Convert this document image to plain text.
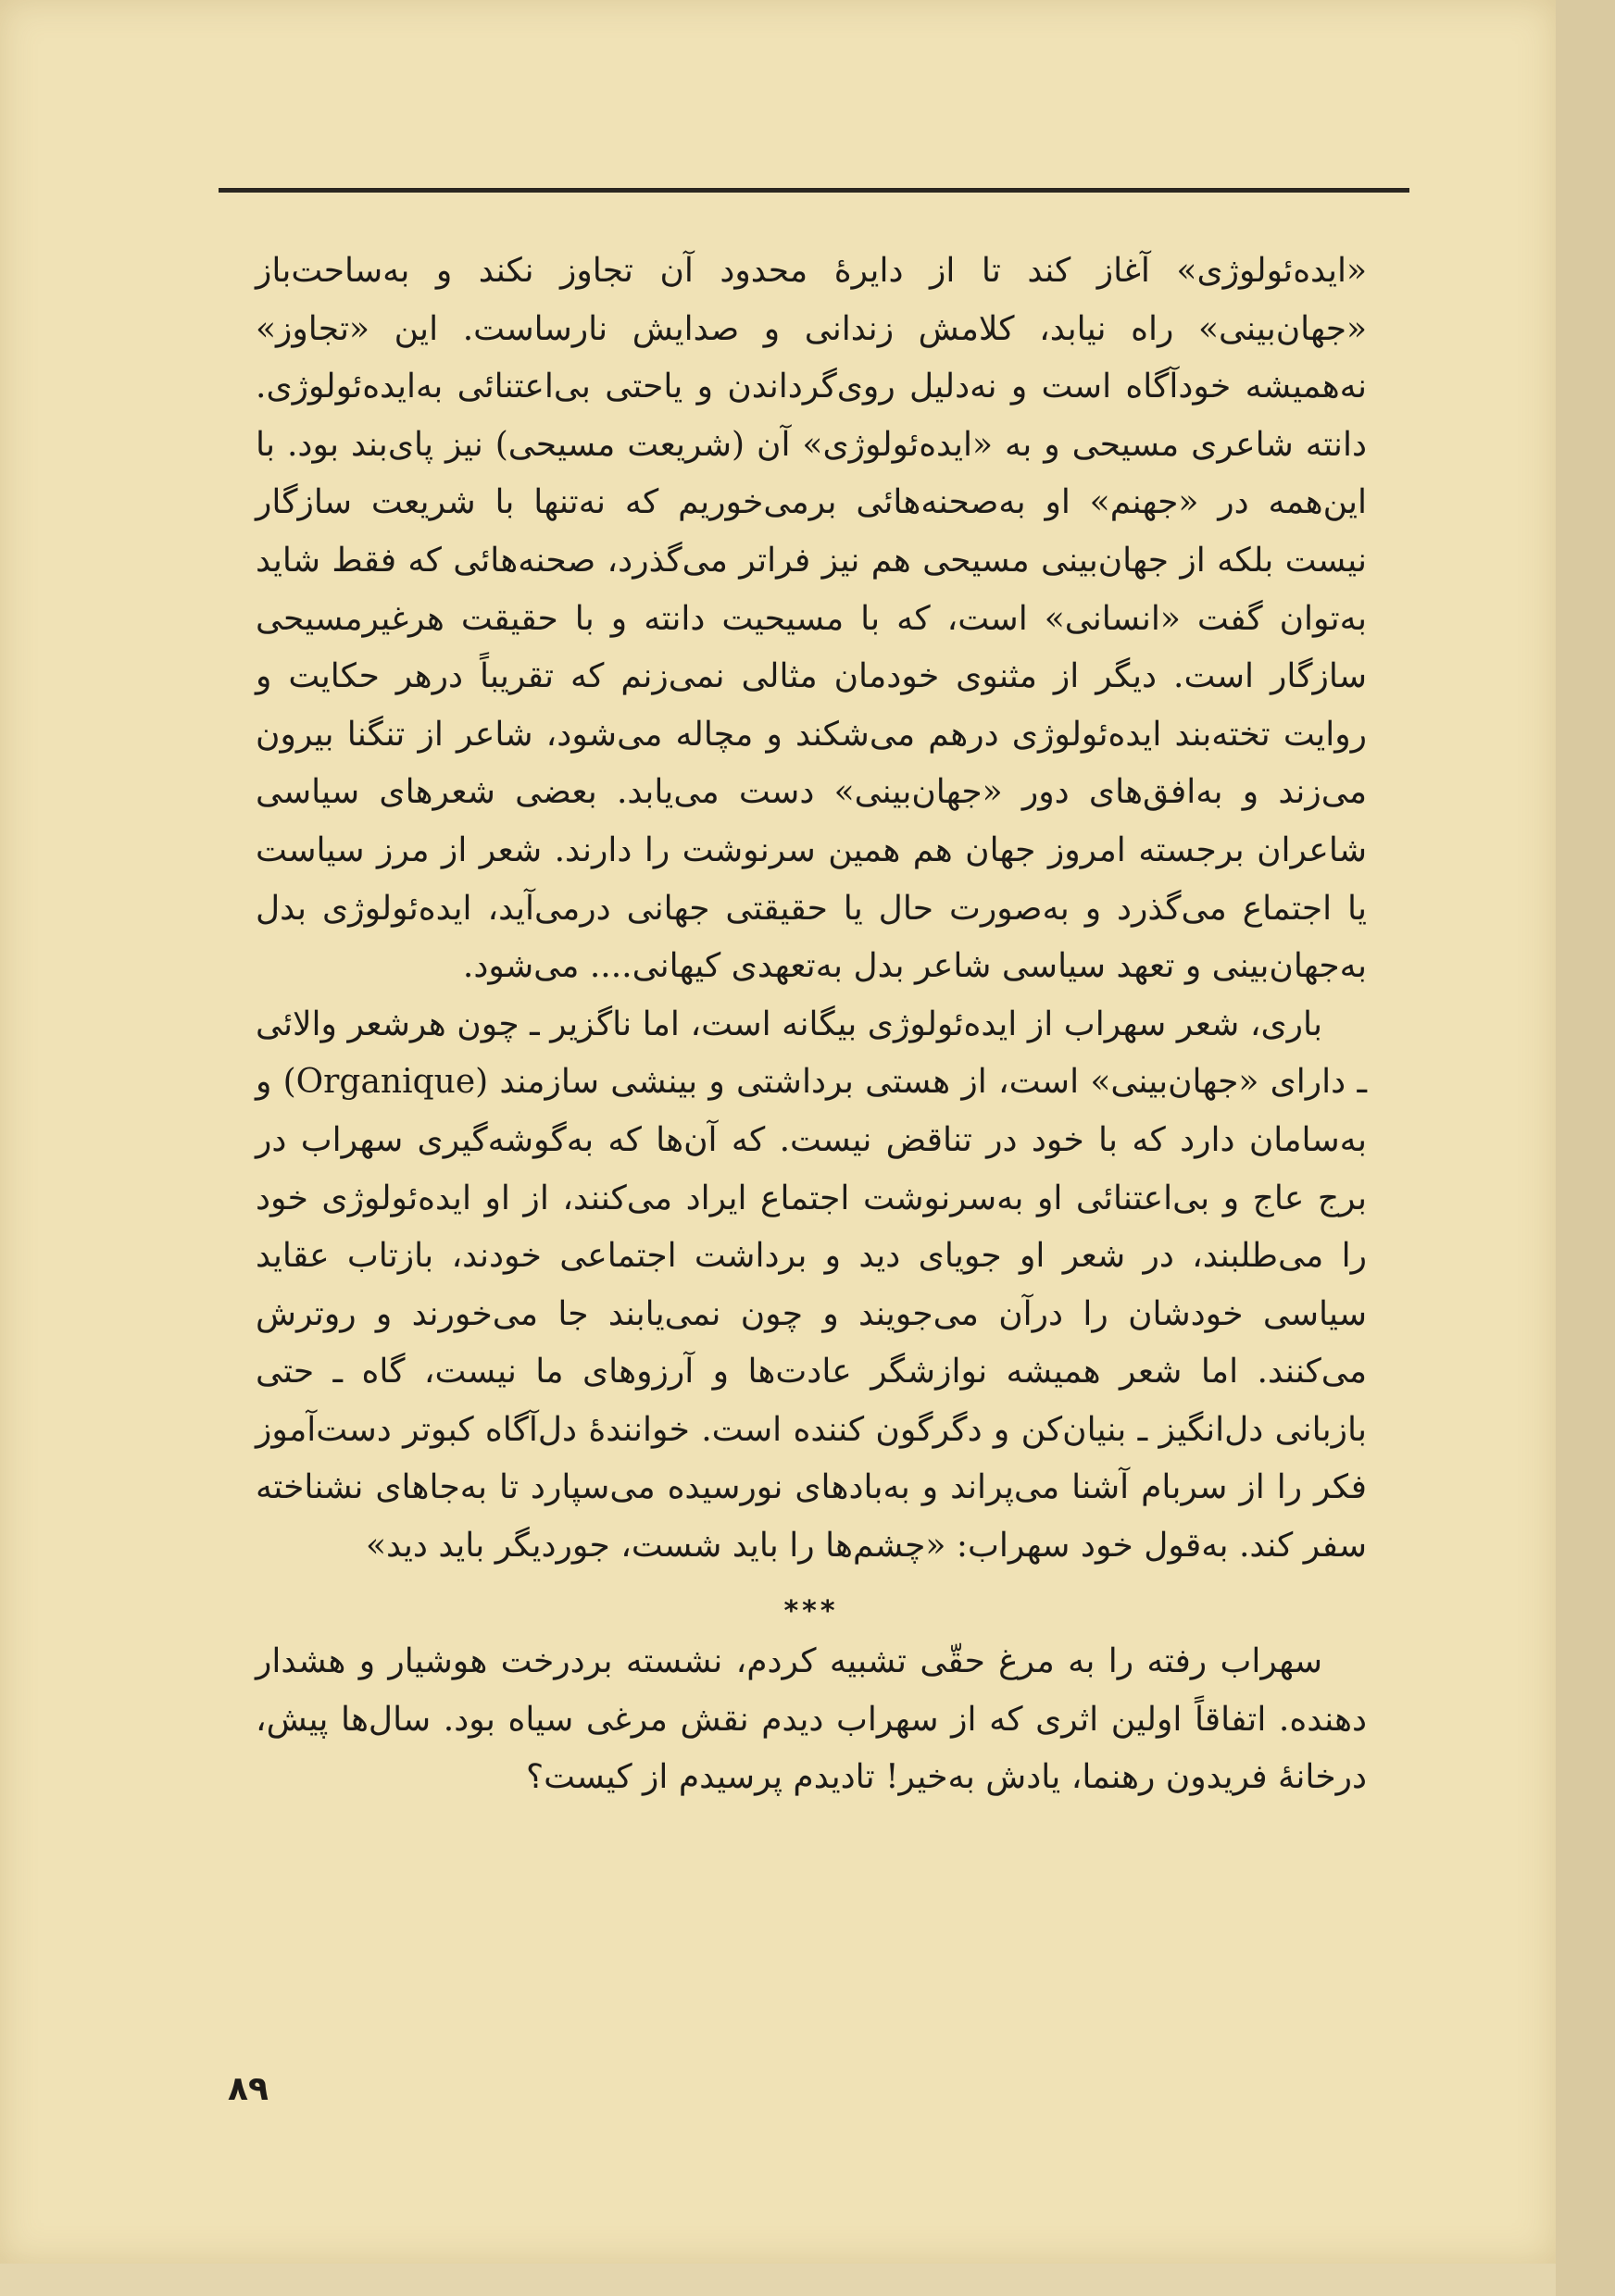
«ایده‌ئولوژی» آغاز کند تا از دایرهٔ محدود آن تجاوز نکند و به‌ساحت‌باز «جهان‌بینی» راه نیابد، کلامش زندانی و صدایش نارساست. این «تجاوز» نه‌همیشه خودآگاه است و نه‌دلیل روی‌گرداندن و یاحتی بی‌اعتنائی به‌ایده‌ئولوژی. دانته شاعری مسیحی و به «ایده‌ئولوژی» آن (شریعت مسیحی) نیز پای‌بند بود. با این‌همه در «جهنم» او به‌صحنه‌هائی برمی‌خوریم که نه‌تنها با شریعت سازگار نیست بلکه از جهان‌بینی مسیحی هم نیز فراتر می‌گذرد، صحنه‌هائی که فقط شاید به‌توان گفت «انسانی» است، که با مسیحیت دانته و با حقیقت هرغیرمسیحی سازگار است. دیگر از مثنوی خودمان مثالی نمی‌زنم که تقریباً درهر حکایت و روایت تخته‌بند ایده‌ئولوژی درهم می‌شکند و مچاله می‌شود، شاعر از تنگنا بیرون می‌زند و به‌افق‌های دور «جهان‌بینی» دست می‌یابد. بعضی شعرهای سیاسی شاعران برجسته امروز جهان هم همین سرنوشت را دارند. شعر از مرز سیاست یا اجتماع می‌گذرد و به‌صورت حال یا حقیقتی جهانی درمی‌آید، ایده‌ئولوژی بدل به‌جهان‌بینی و تعهد سیاسی شاعر بدل به‌تعهدی کیهانی.... می‌شود.

باری، شعر سهراب از ایده‌ئولوژی بیگانه است، اما ناگزیر ـ چون هرشعر والائی ـ دارای «جهان‌بینی» است، از هستی برداشتی و بینشی سازمند (Organique) و به‌سامان دارد که با خود در تناقض نیست. که آن‌ها که به‌گوشه‌گیری سهراب در برج عاج و بی‌اعتنائی او به‌سرنوشت اجتماع ایراد می‌کنند، از او ایده‌ئولوژی خود را می‌طلبند، در شعر او جویای دید و برداشت اجتماعی خودند، بازتاب عقاید سیاسی خودشان را درآن می‌جویند و چون نمی‌یابند جا می‌خورند و روترش می‌کنند. اما شعر همیشه نوازشگر عادت‌ها و آرزوهای ما نیست، گاه ـ حتی بازبانی دل‌انگیز ـ بنیان‌کن و دگرگون کننده است. خوانندهٔ دل‌آگاه کبوتر دست‌آموز فکر را از سربام آشنا می‌پراند و به‌بادهای نورسیده می‌سپارد تا به‌جاهای نشناخته سفر کند. به‌قول خود سهراب: «چشم‌ها را باید شست، جوردیگر باید دید»

***

سهراب رفته را به مرغ حقّی تشبیه کردم، نشسته بردرخت هوشیار و هشدار دهنده. اتفاقاً اولین اثری که از سهراب دیدم نقش مرغی سیاه بود. سال‌ها پیش، درخانهٔ فریدون رهنما، یادش به‌خیر! تادیدم پرسیدم از کیست؟

۸۹
